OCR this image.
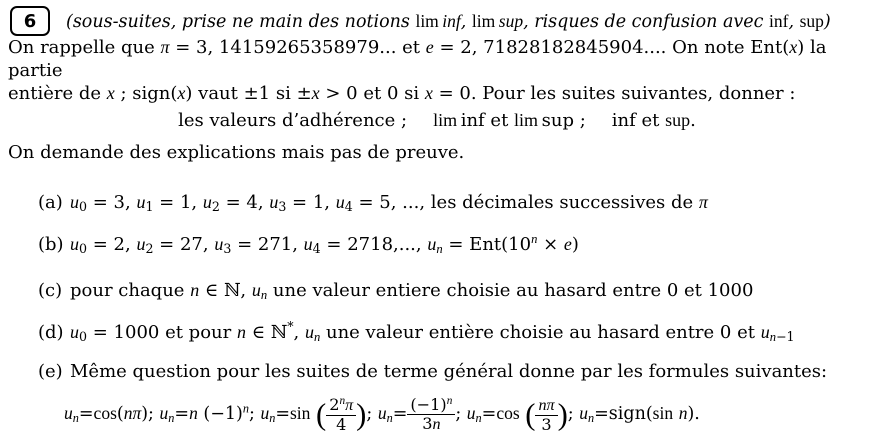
6 (sous-suites, prise ne main des notions lim  inf, lim  sup, risques de confusion avec inf, sup)
On rappelle que π = 3, 14159265358979... et e = 2, 71828182845904.... On note Ent(x) la partie
entière de x ; sign(x) vaut ±1 si ±x > 0 et 0 si x = 0. Pour les suites suivantes, donner :
les valeurs d’adhérence ; lim inf et lim sup ; inf et sup.
On demande des explications mais pas de preuve.
(a) $u_0 = 3$, $u_1 = 1$, $u_2 = 4$, $u_3 = 1$, $u_4 = 5$, ..., les décimales successives de π
(b) $u_0 = 2$, $u_2 = 27$, $u_3 = 271$, $u_4 = 2718$,..., $u_n = Ent(10^n \times e)$
(c) pour chaque n ∈ ℕ, $u_n$ une valeur entiere choisie au hasard entre 0 et 1000
(d) $u_0 = 1000$ et pour n ∈ ℕ*, $u_n$ une valeur entière choisie au hasard entre 0 et $u_{n-1}$
(e) Même question pour les suites de terme général donne par les formules suivantes:
$u_n=\cos(n\pi)$; $u_n=n$ $(-1)^n$; $u_n=\sin$ ( $\frac{2^n\pi}{4}$ ); $u_n= \frac{(-1)^n}{3n}$ ; $u_n=\cos$ ( $\frac{n\pi}{3}$ ); $u_n=sign(\sin$ n).
